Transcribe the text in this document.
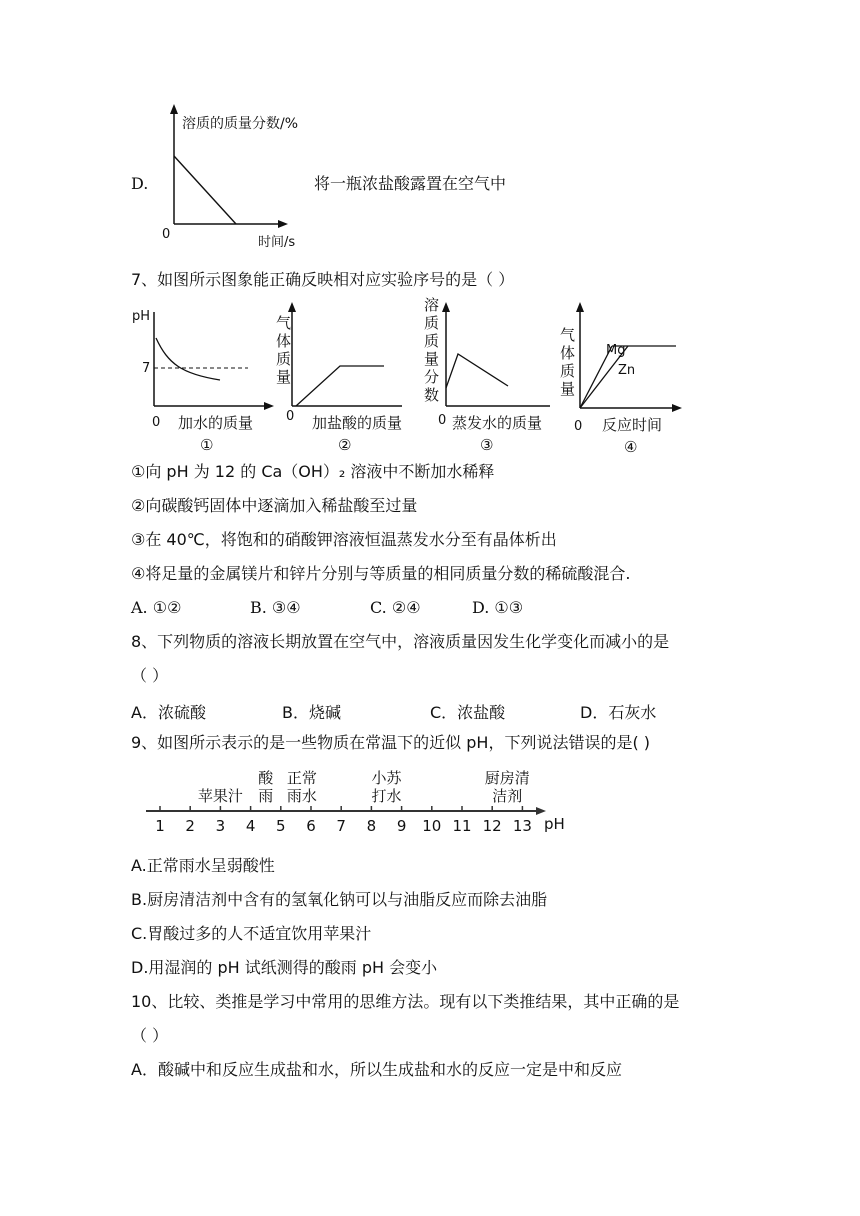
D.
溶质的质量分数/%
0
时间/s
将一瓶浓盐酸露置在空气中
7、如图所示图象能正确反映相对应实验序号的是（ ）
pH
7
0 加水的质量
①
气体质量
0 加盐酸的质量
②
溶质质量分数
0 蒸发水的质量
③
气体质量
Mg
Zn
0 反应时间
④
①向 pH 为 12 的 Ca（OH）₂ 溶液中不断加水稀释
②向碳酸钙固体中逐滴加入稀盐酸至过量
③在 40℃，将饱和的硝酸钾溶液恒温蒸发水分至有晶体析出
④将足量的金属镁片和锌片分别与等质量的相同质量分数的稀硫酸混合.
A. ①②	B. ③④	C. ②④	D. ①③
8、下列物质的溶液长期放置在空气中，溶液质量因发生化学变化而减小的是
（ ）
A．浓硫酸	B．烧碱	C．浓盐酸	D．石灰水
9、如图所示表示的是一些物质在常温下的近似 pH，下列说法错误的是( )
1 2 3 4 5 6 7 8 9 10 11 12 13
苹果汁
酸
雨
正常
雨水
小苏
打水
厨房清
洁剂
pH
A.正常雨水呈弱酸性
B.厨房清洁剂中含有的氢氧化钠可以与油脂反应而除去油脂
C.胃酸过多的人不适宜饮用苹果汁
D.用湿润的 pH 试纸测得的酸雨 pH 会变小
10、比较、类推是学习中常用的思维方法。现有以下类推结果，其中正确的是
（ ）
A．酸碱中和反应生成盐和水，所以生成盐和水的反应一定是中和反应
